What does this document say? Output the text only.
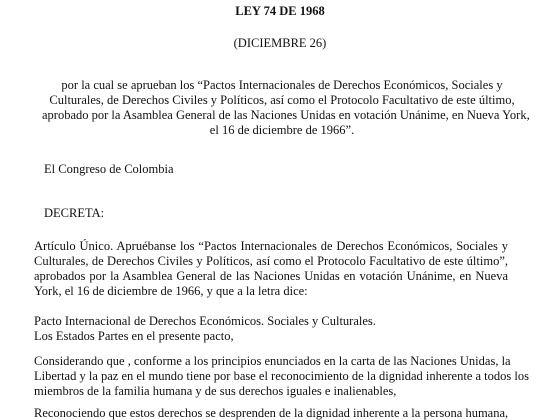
LEY 74 DE 1968
(DICIEMBRE 26)
por la cual se aprueban los “Pactos Internacionales de Derechos Económicos, Sociales y
Culturales, de Derechos Civiles y Políticos, así como el Protocolo Facultativo de este último,
aprobado por la Asamblea General de las Naciones Unidas en votación Unánime, en Nueva York,
el 16 de diciembre de 1966”.
El Congreso de Colombia
DECRETA:
Artículo Único. Apruébanse los “Pactos Internacionales de Derechos Económicos, Sociales y
Culturales, de Derechos Civiles y Políticos, así como el Protocolo Facultativo de este último”,
aprobados por la Asamblea General de las Naciones Unidas en votación Unánime, en Nueva
York, el 16 de diciembre de 1966, y que a la letra dice:
Pacto Internacional de Derechos Económicos. Sociales y Culturales.
Los Estados Partes en el presente pacto,
Considerando que , conforme a los principios enunciados en la carta de las Naciones Unidas, la
Libertad y la paz en el mundo tiene por base el reconocimiento de la dignidad inherente a todos los
miembros de la familia humana y de sus derechos iguales e inalienables,
Reconociendo que estos derechos se desprenden de la dignidad inherente a la persona humana,
